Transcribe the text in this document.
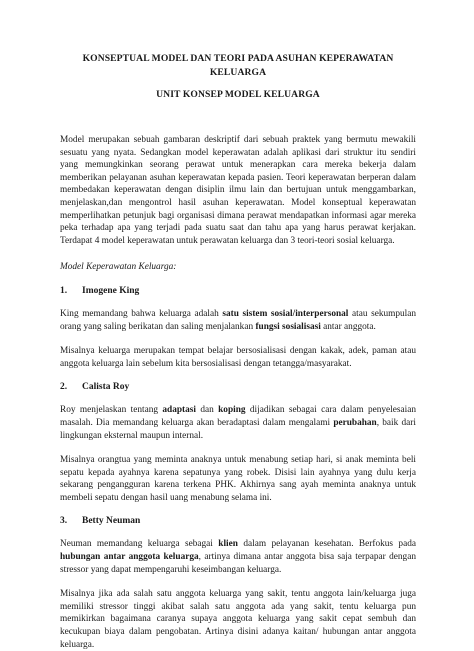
KONSEPTUAL MODEL DAN TEORI PADA ASUHAN KEPERAWATAN KELUARGA
UNIT KONSEP MODEL KELUARGA

Model merupakan sebuah gambaran deskriptif dari sebuah praktek yang bermutu mewakili sesuatu yang nyata. Sedangkan model keperawatan adalah aplikasi dari struktur itu sendiri yang memungkinkan seorang perawat untuk menerapkan cara mereka bekerja dalam memberikan pelayanan asuhan keperawatan kepada pasien. Teori keperawatan berperan dalam membedakan keperawatan dengan disiplin ilmu lain dan bertujuan untuk menggambarkan, menjelaskan,dan mengontrol hasil asuhan keperawatan. Model konseptual keperawatan memperlihatkan petunjuk bagi organisasi dimana perawat mendapatkan informasi agar mereka peka terhadap apa yang terjadi pada suatu saat dan tahu apa yang harus perawat kerjakan. Terdapat 4 model keperawatan untuk perawatan keluarga dan 3 teori-teori sosial keluarga.

Model Keperawatan Keluarga:

1.	Imogene King

King memandang bahwa keluarga adalah satu sistem sosial/interpersonal atau sekumpulan orang yang saling berikatan dan saling menjalankan fungsi sosialisasi antar anggota.

Misalnya keluarga merupakan tempat belajar bersosialisasi dengan kakak, adek, paman atau anggota keluarga lain sebelum kita bersosialisasi dengan tetangga/masyarakat.

2.	Calista Roy

Roy menjelaskan tentang adaptasi dan koping dijadikan sebagai cara dalam penyelesaian masalah. Dia memandang keluarga akan beradaptasi dalam mengalami perubahan, baik dari lingkungan eksternal maupun internal.

Misalnya orangtua yang meminta anaknya untuk menabung setiap hari, si anak meminta beli sepatu kepada ayahnya karena sepatunya yang robek. Disisi lain ayahnya yang dulu kerja sekarang pengangguran karena terkena PHK. Akhirnya sang ayah meminta anaknya untuk membeli sepatu dengan hasil uang menabung selama ini.

3.	Betty Neuman

Neuman memandang keluarga sebagai klien dalam pelayanan kesehatan. Berfokus pada hubungan antar anggota keluarga, artinya dimana antar anggota bisa saja terpapar dengan stressor yang dapat mempengaruhi keseimbangan keluarga.

Misalnya jika ada salah satu anggota keluarga yang sakit, tentu anggota lain/keluarga juga memiliki stressor tinggi akibat salah satu anggota ada yang sakit, tentu keluarga pun memikirkan bagaimana caranya supaya anggota keluarga yang sakit cepat sembuh dan kecukupan biaya dalam pengobatan. Artinya disini adanya kaitan/ hubungan antar anggota keluarga.
